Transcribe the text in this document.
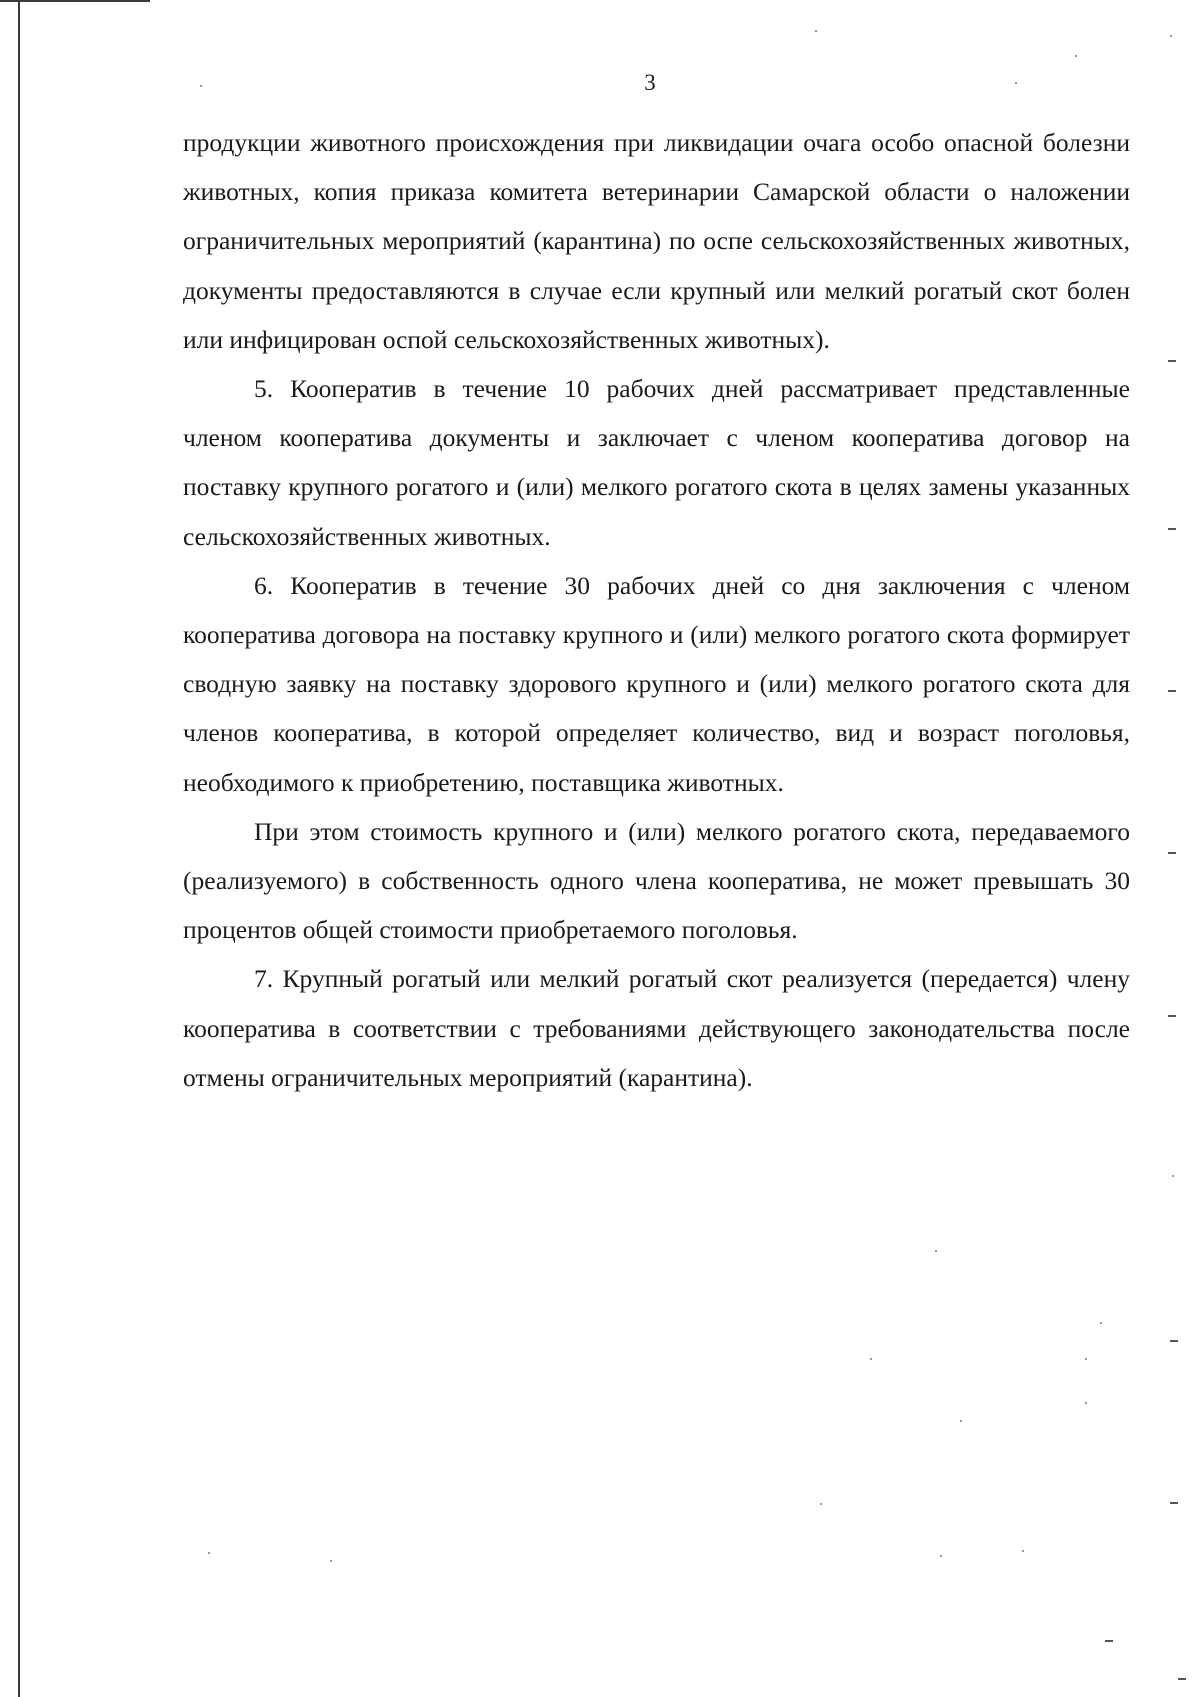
3

продукции животного происхождения при ликвидации очага особо опасной болезни животных, копия приказа комитета ветеринарии Самарской области о наложении ограничительных мероприятий (карантина) по оспе сельскохозяйственных животных, документы предоставляются в случае если крупный или мелкий рогатый скот болен или инфицирован оспой сельскохозяйственных животных).

5. Кооператив в течение 10 рабочих дней рассматривает представленные членом кооператива документы и заключает с членом кооператива договор на поставку крупного рогатого и (или) мелкого рогатого скота в целях замены указанных сельскохозяйственных животных.

6. Кооператив в течение 30 рабочих дней со дня заключения с членом кооператива договора на поставку крупного и (или) мелкого рогатого скота формирует сводную заявку на поставку здорового крупного и (или) мелкого рогатого скота для членов кооператива, в которой определяет количество, вид и возраст поголовья, необходимого к приобретению, поставщика животных.

При этом стоимость крупного и (или) мелкого рогатого скота, передаваемого (реализуемого) в собственность одного члена кооператива, не может превышать 30 процентов общей стоимости приобретаемого поголовья.

7. Крупный рогатый или мелкий рогатый скот реализуется (передается) члену кооператива в соответствии с требованиями действующего законодательства после отмены ограничительных мероприятий (карантина).
